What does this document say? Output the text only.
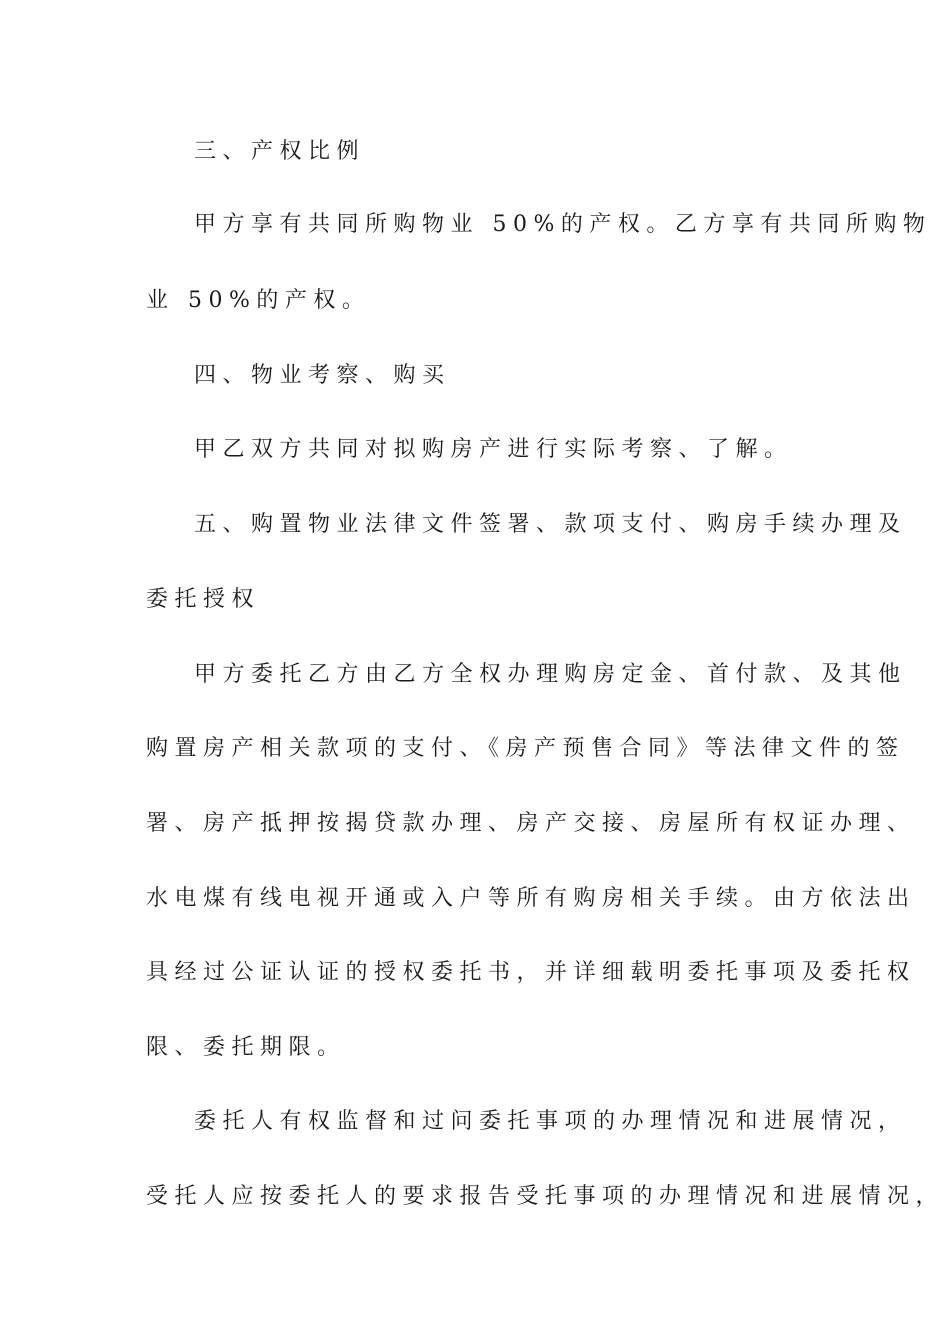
三、产权比例
甲方享有共同所购物业 50%的产权。乙方享有共同所购物
业 50%的产权。
四、物业考察、购买
甲乙双方共同对拟购房产进行实际考察、了解。
五、购置物业法律文件签署、款项支付、购房手续办理及
委托授权
甲方委托乙方由乙方全权办理购房定金、首付款、及其他
购置房产相关款项的支付、《房产预售合同》等法律文件的签
署、房产抵押按揭贷款办理、房产交接、房屋所有权证办理、
水电煤有线电视开通或入户等所有购房相关手续。由方依法出
具经过公证认证的授权委托书，并详细载明委托事项及委托权
限、委托期限。
委托人有权监督和过问委托事项的办理情况和进展情况，
受托人应按委托人的要求报告受托事项的办理情况和进展情况，
